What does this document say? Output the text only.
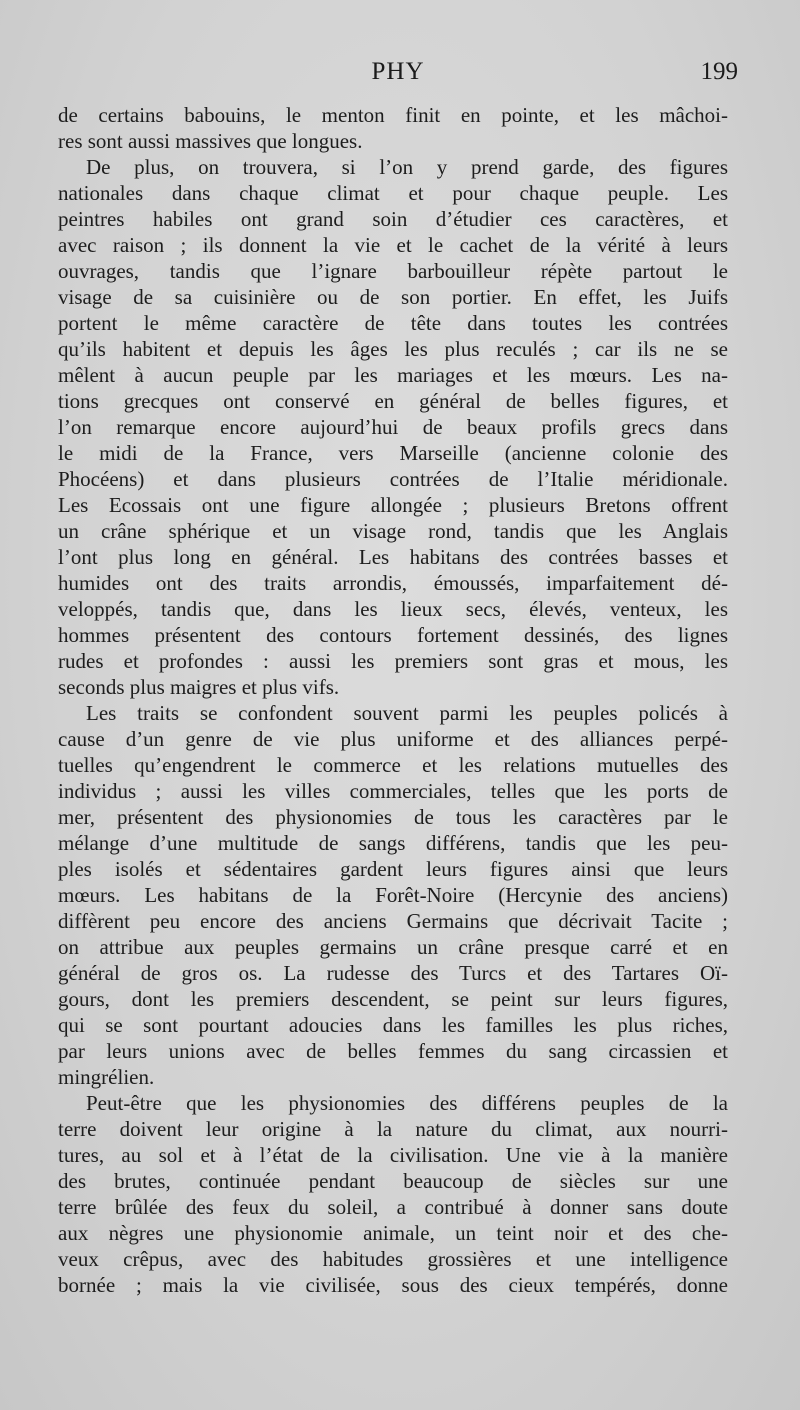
PHY	199
de certains babouins, le menton finit en pointe, et les mâchoi-
res sont aussi massives que longues.
De plus, on trouvera, si l’on y prend garde, des figures
nationales dans chaque climat et pour chaque peuple. Les
peintres habiles ont grand soin d’étudier ces caractères, et
avec raison ; ils donnent la vie et le cachet de la vérité à leurs
ouvrages, tandis que l’ignare barbouilleur répète partout le
visage de sa cuisinière ou de son portier. En effet, les Juifs
portent le même caractère de tête dans toutes les contrées
qu’ils habitent et depuis les âges les plus reculés ; car ils ne se
mêlent à aucun peuple par les mariages et les mœurs. Les na-
tions grecques ont conservé en général de belles figures, et
l’on remarque encore aujourd’hui de beaux profils grecs dans
le midi de la France, vers Marseille (ancienne colonie des
Phocéens) et dans plusieurs contrées de l’Italie méridionale.
Les Ecossais ont une figure allongée ; plusieurs Bretons offrent
un crâne sphérique et un visage rond, tandis que les Anglais
l’ont plus long en général. Les habitans des contrées basses et
humides ont des traits arrondis, émoussés, imparfaitement dé-
veloppés, tandis que, dans les lieux secs, élevés, venteux, les
hommes présentent des contours fortement dessinés, des lignes
rudes et profondes : aussi les premiers sont gras et mous, les
seconds plus maigres et plus vifs.
Les traits se confondent souvent parmi les peuples policés à
cause d’un genre de vie plus uniforme et des alliances perpé-
tuelles qu’engendrent le commerce et les relations mutuelles des
individus ; aussi les villes commerciales, telles que les ports de
mer, présentent des physionomies de tous les caractères par le
mélange d’une multitude de sangs différens, tandis que les peu-
ples isolés et sédentaires gardent leurs figures ainsi que leurs
mœurs. Les habitans de la Forêt-Noire (Hercynie des anciens)
diffèrent peu encore des anciens Germains que décrivait Tacite ;
on attribue aux peuples germains un crâne presque carré et en
général de gros os. La rudesse des Turcs et des Tartares Oï-
gours, dont les premiers descendent, se peint sur leurs figures,
qui se sont pourtant adoucies dans les familles les plus riches,
par leurs unions avec de belles femmes du sang circassien et
mingrélien.
Peut-être que les physionomies des différens peuples de la
terre doivent leur origine à la nature du climat, aux nourri-
tures, au sol et à l’état de la civilisation. Une vie à la manière
des brutes, continuée pendant beaucoup de siècles sur une
terre brûlée des feux du soleil, a contribué à donner sans doute
aux nègres une physionomie animale, un teint noir et des che-
veux crêpus, avec des habitudes grossières et une intelligence
bornée ; mais la vie civilisée, sous des cieux tempérés, donne
